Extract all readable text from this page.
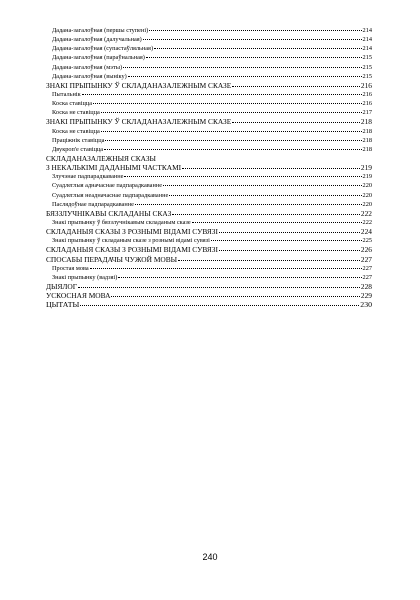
Дадана-загалоўная (першы ступені)	214
Дадана-загалоўная (далучальная)	214
Дадана-загалоўная (супастаўляльная)	214
Дадана-загалоўная (параўнальная)	215
Дадана-загалоўная (мэты)	215
Дадана-загалоўная (выніку)	215
ЗНАКІ ПРЫПЫНКУ Ў СКЛАДАНАЗАЛЕЖНЫМ СКАЗЕ	216
Пытальнік	216
Коска ставіцца	216
Коска не ставіцца	217
ЗНАКІ ПРЫПЫНКУ Ў СКЛАДАНАЗАЛЕЖНЫМ СКАЗЕ	218
Коска не ставіцца	218
Праціжнік ставіцца	218
Двукроп'е ставіцца	218
СКЛАДАНАЗАЛЕЖНЫЯ СКАЗЫ
З НЕКАЛЬКІМІ ДАДАНЫМІ ЧАСТКАМІ	219
Злучэнае падпарадкаванне	219
Суадлеглыя адначаснае падпарадкаванне	220
Суадлеглыя неадначаснае падпарадкаванне	220
Паслядоўнае падпарадкаванне	220
БЯЗЗЛУЧНІКАВЫ СКЛАДАНЫ СКАЗ	222
Знакі прыпынку ў бяззлучнікавым складаным сказе	222
СКЛАДАНЫЯ СКАЗЫ З РОЗНЫМІ ВІДАМІ СУВЯЗІ	224
Знакі прыпынку ў складаным сказе з рознымі відамі сувязі	225
СКЛАДАНЫЯ СКАЗЫ З РОЗНЫМІ ВІДАМІ СУВЯЗІ	226
СПОСАБЫ ПЕРАДАЧЫ ЧУЖОЙ МОВЫ	227
Простая мова	227
Знакі прыпынку (вадзяі)	227
ДЫЯЛОГ	228
УСКОСНАЯ МОВА	229
ЦЫТАТЫ	230
240
